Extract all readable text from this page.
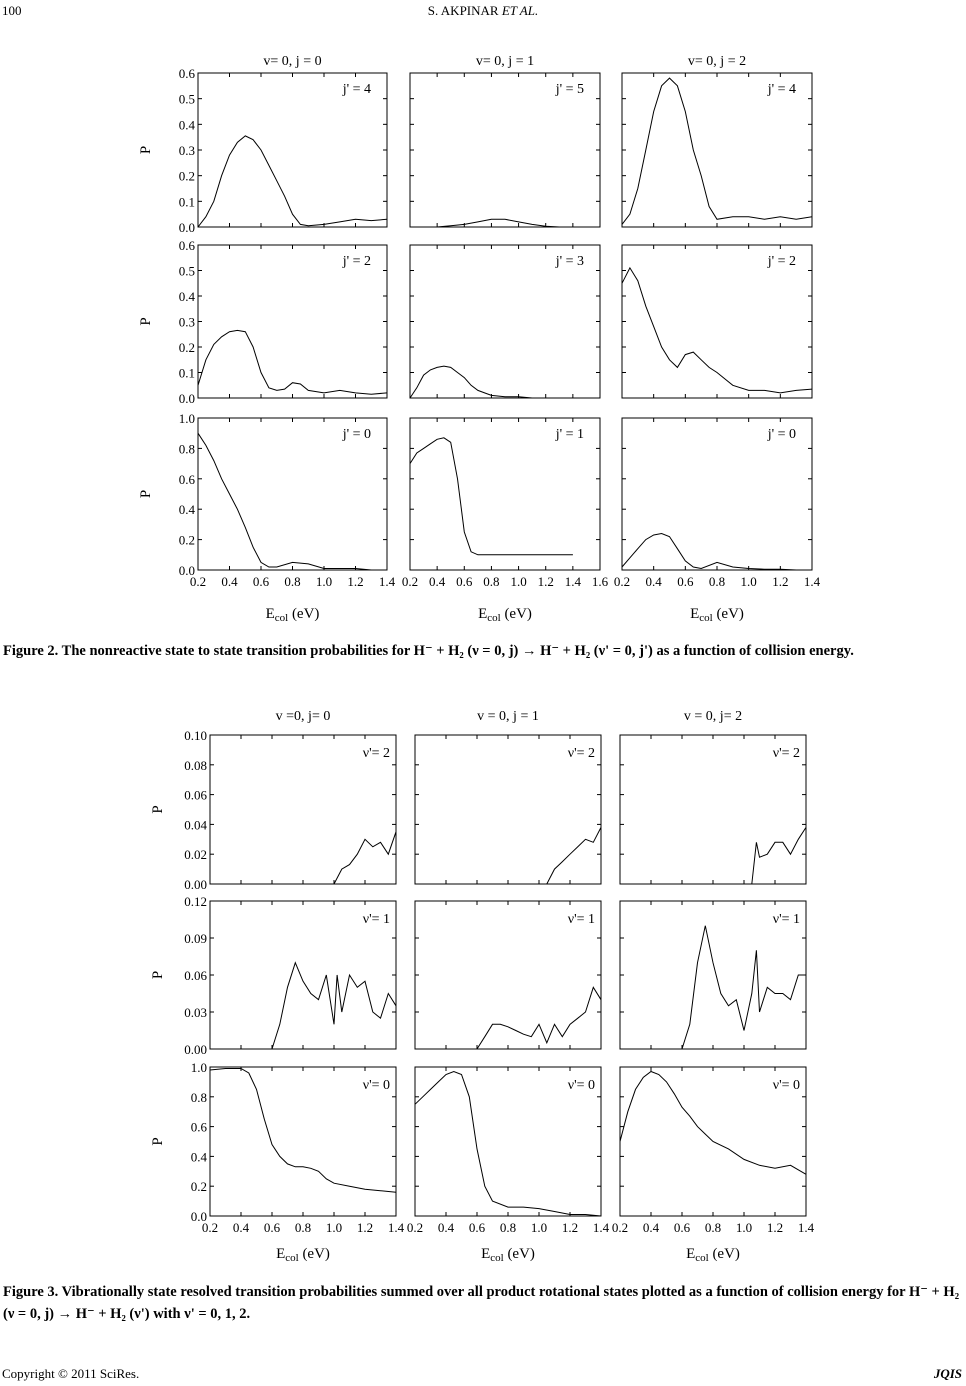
100	S. AKPINAR ET AL.
v= 0, j = 0	v= 0, j = 1	v= 0, j = 2
P
P
P
0.0
0.1
0.2
0.3
0.4
0.5
0.6
j' = 4	j' = 5	j' = 4
0.0
0.1
0.2
0.3
0.4
0.5
0.6
j' = 2	j' = 3	j' = 2
0.0
0.2
0.4
0.6
0.8
1.0
0.2 0.4 0.6 0.8 1.0 1.2 1.4
j' = 0
0.2 0.4 0.6 0.8 1.0 1.2 1.4 1.6
j' = 1
0.2 0.4 0.6 0.8 1.0 1.2 1.4
j' = 0
Ecol (eV)	Ecol (eV)	Ecol (eV)
Figure 2. The nonreactive state to state transition probabilities for H⁻ + H₂ (ν = 0, j) → H⁻ + H₂ (ν' = 0, j') as a function of collision energy.
v =0, j= 0	v = 0, j = 1	v = 0, j= 2
P
P
P
0.00
0.02
0.04
0.06
0.08
0.10
ν'= 2	ν'= 2	ν'= 2
0.00
0.03
0.06
0.09
0.12
ν'= 1	ν'= 1	ν'= 1
0.0
0.2
0.4
0.6
0.8
1.0
0.2 0.4 0.6 0.8 1.0 1.2 1.4
ν'= 0
0.2 0.4 0.6 0.8 1.0 1.2 1.4
ν'= 0
0.2 0.4 0.6 0.8 1.0 1.2 1.4
ν'= 0
Ecol (eV)	Ecol (eV)	Ecol (eV)
Figure 3. Vibrationally state resolved transition probabilities summed over all product rotational states plotted as a function of collision energy for H⁻ + H₂ (ν = 0, j) → H⁻ + H₂ (ν') with ν' = 0, 1, 2.
Copyright © 2011 SciRes.	JQIS
